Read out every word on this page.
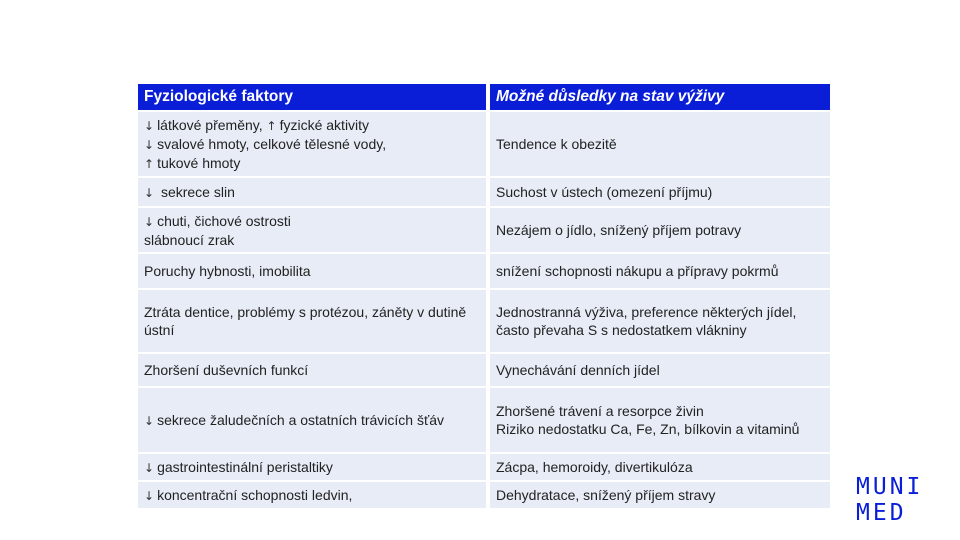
Fyziologické faktory	Možné důsledky na stav výživy

↓ látkové přeměny, ↑ fyzické aktivity
↓ svalové hmoty, celkové tělesné vody,
↑ tukové hmoty	Tendence k obezitě

↓ sekrece slin	Suchost v ústech (omezení příjmu)

↓ chuti, čichové ostrosti
slábnoucí zrak	Nezájem o jídlo, snížený příjem potravy

Poruchy hybnosti, imobilita	snížení schopnosti nákupu a přípravy pokrmů

Ztráta dentice, problémy s protézou, záněty v dutině ústní	Jednostranná výživa, preference některých jídel, často převaha S s nedostatkem vlákniny

Zhoršení duševních funkcí	Vynechávání denních jídel

↓ sekrece žaludečních a ostatních trávicích šťáv	Zhoršené trávení a resorpce živin
Riziko nedostatku Ca, Fe, Zn, bílkovin a vitaminů

↓ gastrointestinální peristaltiky	Zácpa, hemoroidy, divertikulóza

↓ koncentrační schopnosti ledvin,	Dehydratace, snížený příjem stravy	MUNI
MED
